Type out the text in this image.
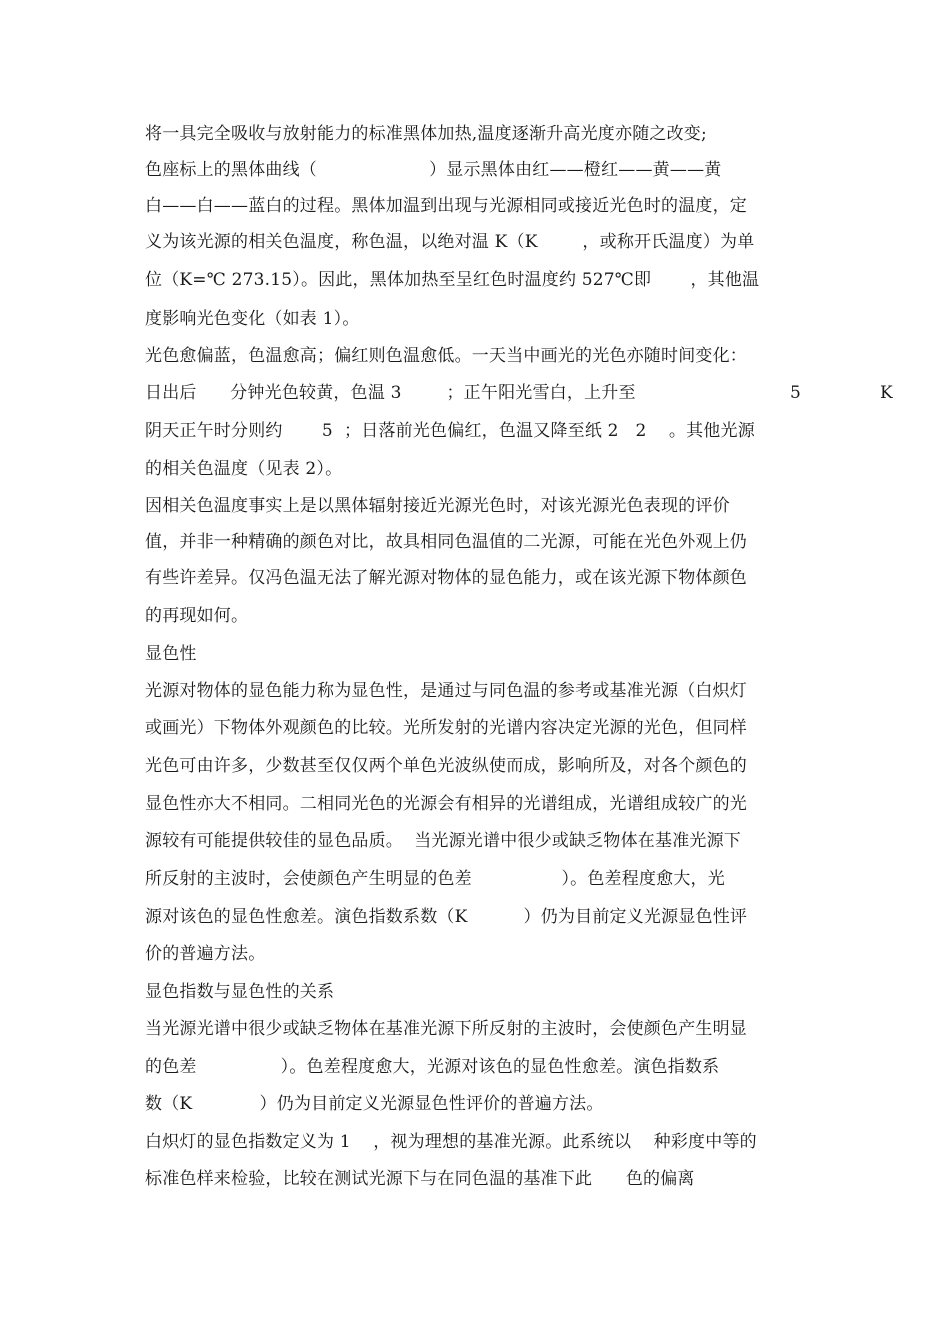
将一具完全吸收与放射能力的标准黑体加热,温度逐渐升高光度亦随之改变;
色座标上的黑体曲线（                    ）显示黑体由红——橙红——黄——黄
白——白——蓝白的过程。黑体加温到出现与光源相同或接近光色时的温度，定
义为该光源的相关色温度，称色温，以绝对温 K（K        ，或称开氏温度）为单
位（K=℃ 273.15）。因此，黑体加热至呈红色时温度约 527℃即       ，其他温
度影响光色变化（如表 1）。
光色愈偏蓝，色温愈高；偏红则色温愈低。一天当中画光的光色亦随时间变化：

日出后      分钟光色较黄，色温 3        ；正午阳光雪白，上升至

	5

	K

阴天正午时分则约       5  ；日落前光色偏红，色温又降至纸 2   2    。其他光源
的相关色温度（见表 2）。
因相关色温度事实上是以黑体辐射接近光源光色时，对该光源光色表现的评价
值，并非一种精确的颜色对比，故具相同色温值的二光源，可能在光色外观上仍
有些许差异。仅冯色温无法了解光源对物体的显色能力，或在该光源下物体颜色
的再现如何。
显色性
光源对物体的显色能力称为显色性，是通过与同色温的参考或基准光源（白炽灯
或画光）下物体外观颜色的比较。光所发射的光谱内容决定光源的光色，但同样
光色可由许多，少数甚至仅仅两个单色光波纵使而成，影响所及，对各个颜色的
显色性亦大不相同。二相同光色的光源会有相异的光谱组成，光谱组成较广的光
源较有可能提供较佳的显色品质。  当光源光谱中很少或缺乏物体在基准光源下
所反射的主波时，会使颜色产生明显的色差                ）。色差程度愈大，光
源对该色的显色性愈差。演色指数系数（K          ）仍为目前定义光源显色性评
价的普遍方法。
显色指数与显色性的关系
当光源光谱中很少或缺乏物体在基准光源下所反射的主波时，会使颜色产生明显
的色差               ）。色差程度愈大，光源对该色的显色性愈差。演色指数系
数（K            ）仍为目前定义光源显色性评价的普遍方法。
白炽灯的显色指数定义为 1    ，视为理想的基准光源。此系统以    种彩度中等的
标准色样来检验，比较在测试光源下与在同色温的基准下此      色的偏离
